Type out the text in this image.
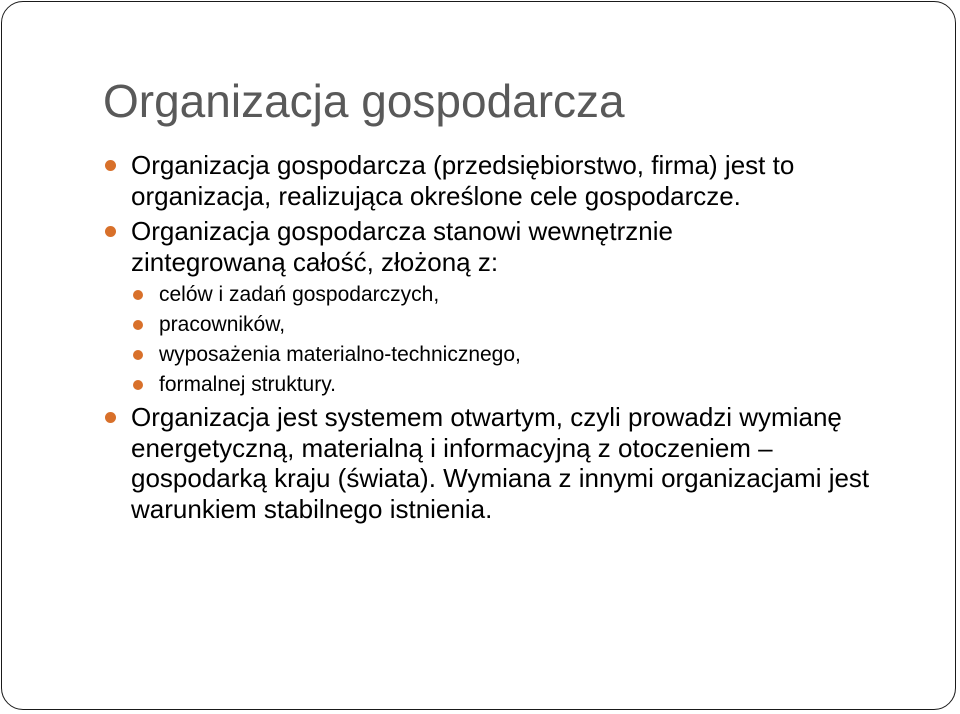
Organizacja gospodarcza
Organizacja gospodarcza (przedsiębiorstwo, firma) jest to organizacja, realizująca określone cele gospodarcze.
Organizacja gospodarcza stanowi wewnętrznie zintegrowaną całość, złożoną z:
celów i zadań gospodarczych,
pracowników,
wyposażenia materialno-technicznego,
formalnej struktury.
Organizacja jest systemem otwartym, czyli prowadzi wymianę energetyczną, materialną i informacyjną z otoczeniem – gospodarką kraju (świata). Wymiana z innymi organizacjami jest warunkiem stabilnego istnienia.
